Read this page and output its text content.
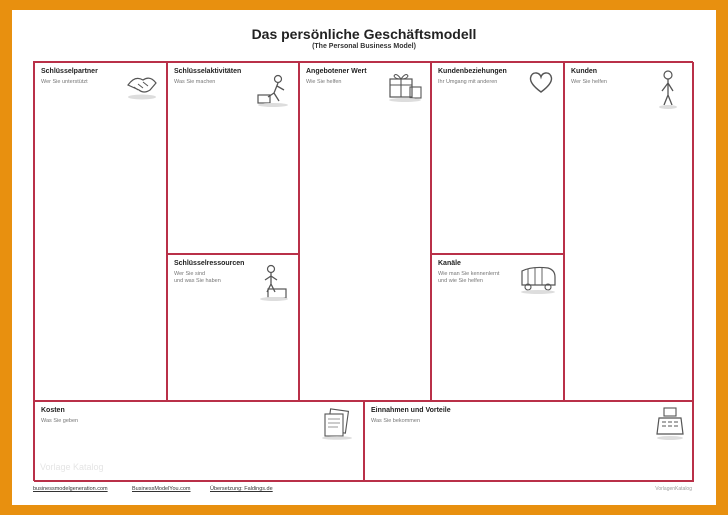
Das persönliche Geschäftsmodell
(The Personal Business Model)
Schlüsselpartner
Wer Sie unterstützt
Schlüsselaktivitäten
Was Sie machen
Schlüsselressourcen
Wer Sie sind
und was Sie haben
Angebotener Wert
Wie Sie helfen
Kundenbeziehungen
Ihr Umgang mit anderen
Kanäle
Wie man Sie kennenlernt
und wie Sie helfen
Kunden
Wer Sie helfen
Kosten
Was Sie geben
Einnahmen und Vorteile
Was Sie bekommen
Vorlage Katalog
businessmodelgeneration.com	BusinessModelYou.com	Übersetzung: Faldings.de	VorlagenKatalog
